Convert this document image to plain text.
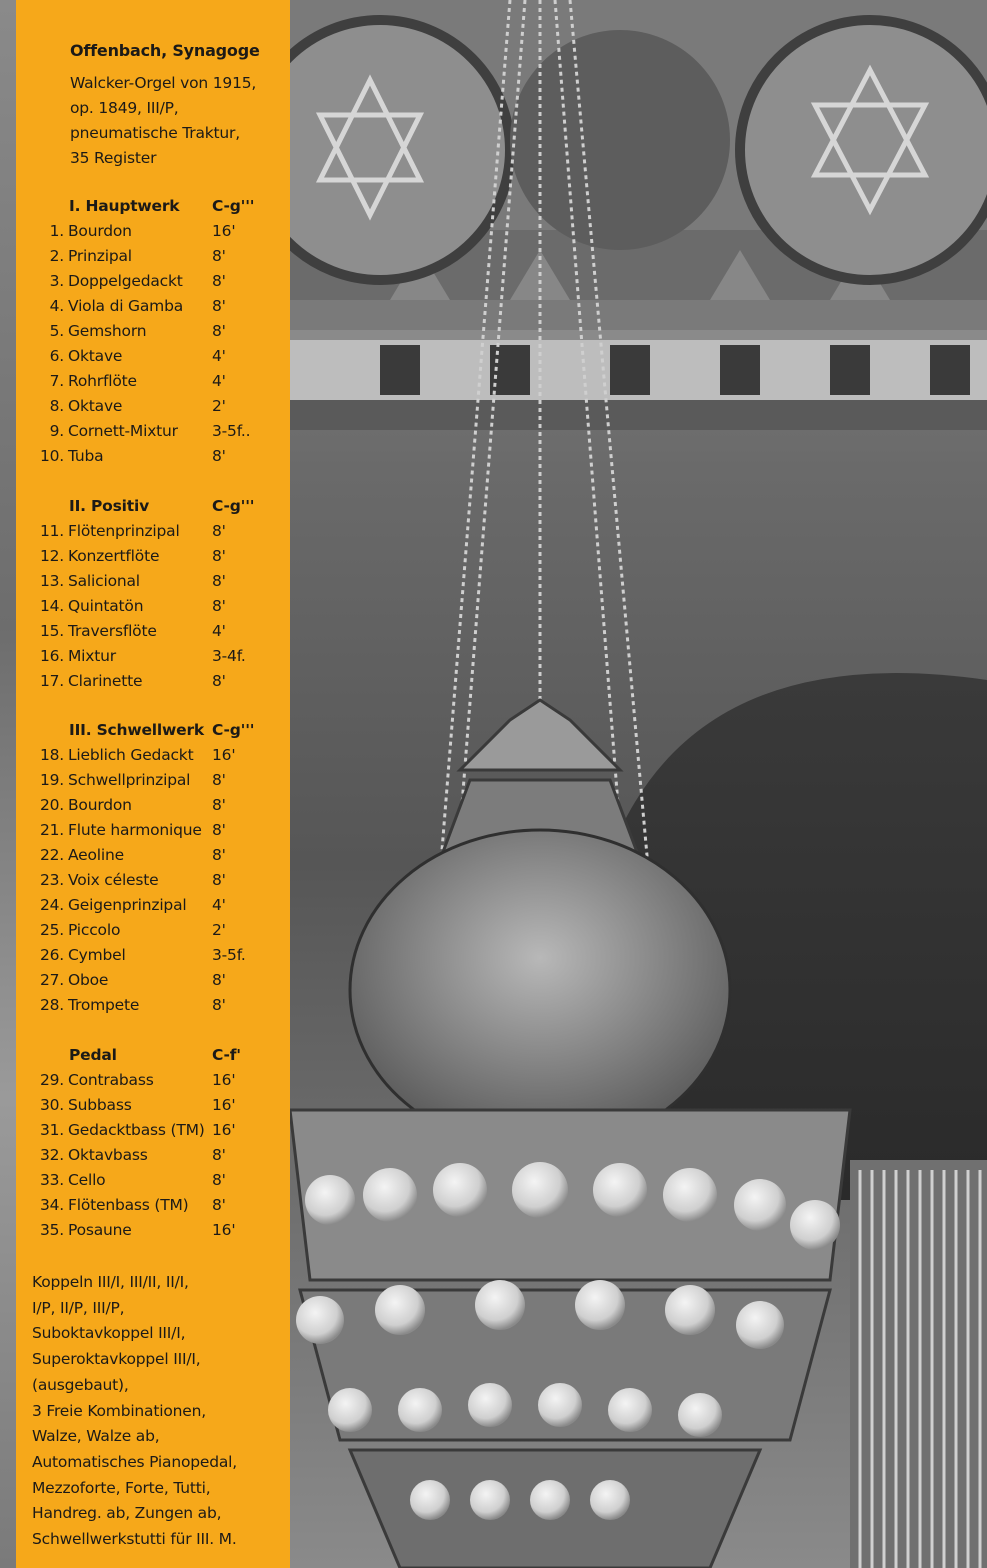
Offenbach, Synagoge
Walcker-Orgel von 1915,
op. 1849, III/P,
pneumatische Traktur,
35 Register
I. Hauptwerk C-g'''
1. Bourdon	16'
2. Prinzipal	8'
3. Doppelgedackt 8'
4. Viola di Gamba 8'
5. Gemshorn	8'
6. Oktave	4'
7. Rohrflöte	4'
8. Oktave	2'
9. Cornett-Mixtur 3-5f..
10. Tuba	8'
II. Positiv	C-g'''
11. Flötenprinzipal 8'
12. Konzertflöte	8'
13. Salicional	8'
14. Quintatön	8'
15. Traversflöte	4'
16. Mixtur	3-4f.
17. Clarinette	8'
III. Schwellwerk C-g'''
18. Lieblich Gedackt 16'
19. Schwellprinzipal 8'
20. Bourdon	8'
21. Flute harmonique 8'
22. Aeoline	8'
23. Voix céleste	8'
24. Geigenprinzipal 4'
25. Piccolo	2'
26. Cymbel	3-5f.
27. Oboe	8'
28. Trompete	8'
Pedal	C-f'
29. Contrabass	16'
30. Subbass	16'
31. Gedacktbass (TM) 16'
32. Oktavbass	8'
33. Cello	8'
34. Flötenbass (TM) 8'
35. Posaune	16'
Koppeln III/I, III/II, II/I,
I/P, II/P, III/P,
Suboktavkoppel III/I,
Superoktavkoppel III/I,
(ausgebaut),
3 Freie Kombinationen,
Walze, Walze ab,
Automatisches Pianopedal,
Mezzoforte, Forte, Tutti,
Handreg. ab, Zungen ab,
Schwellwerkstutti für III. M.
